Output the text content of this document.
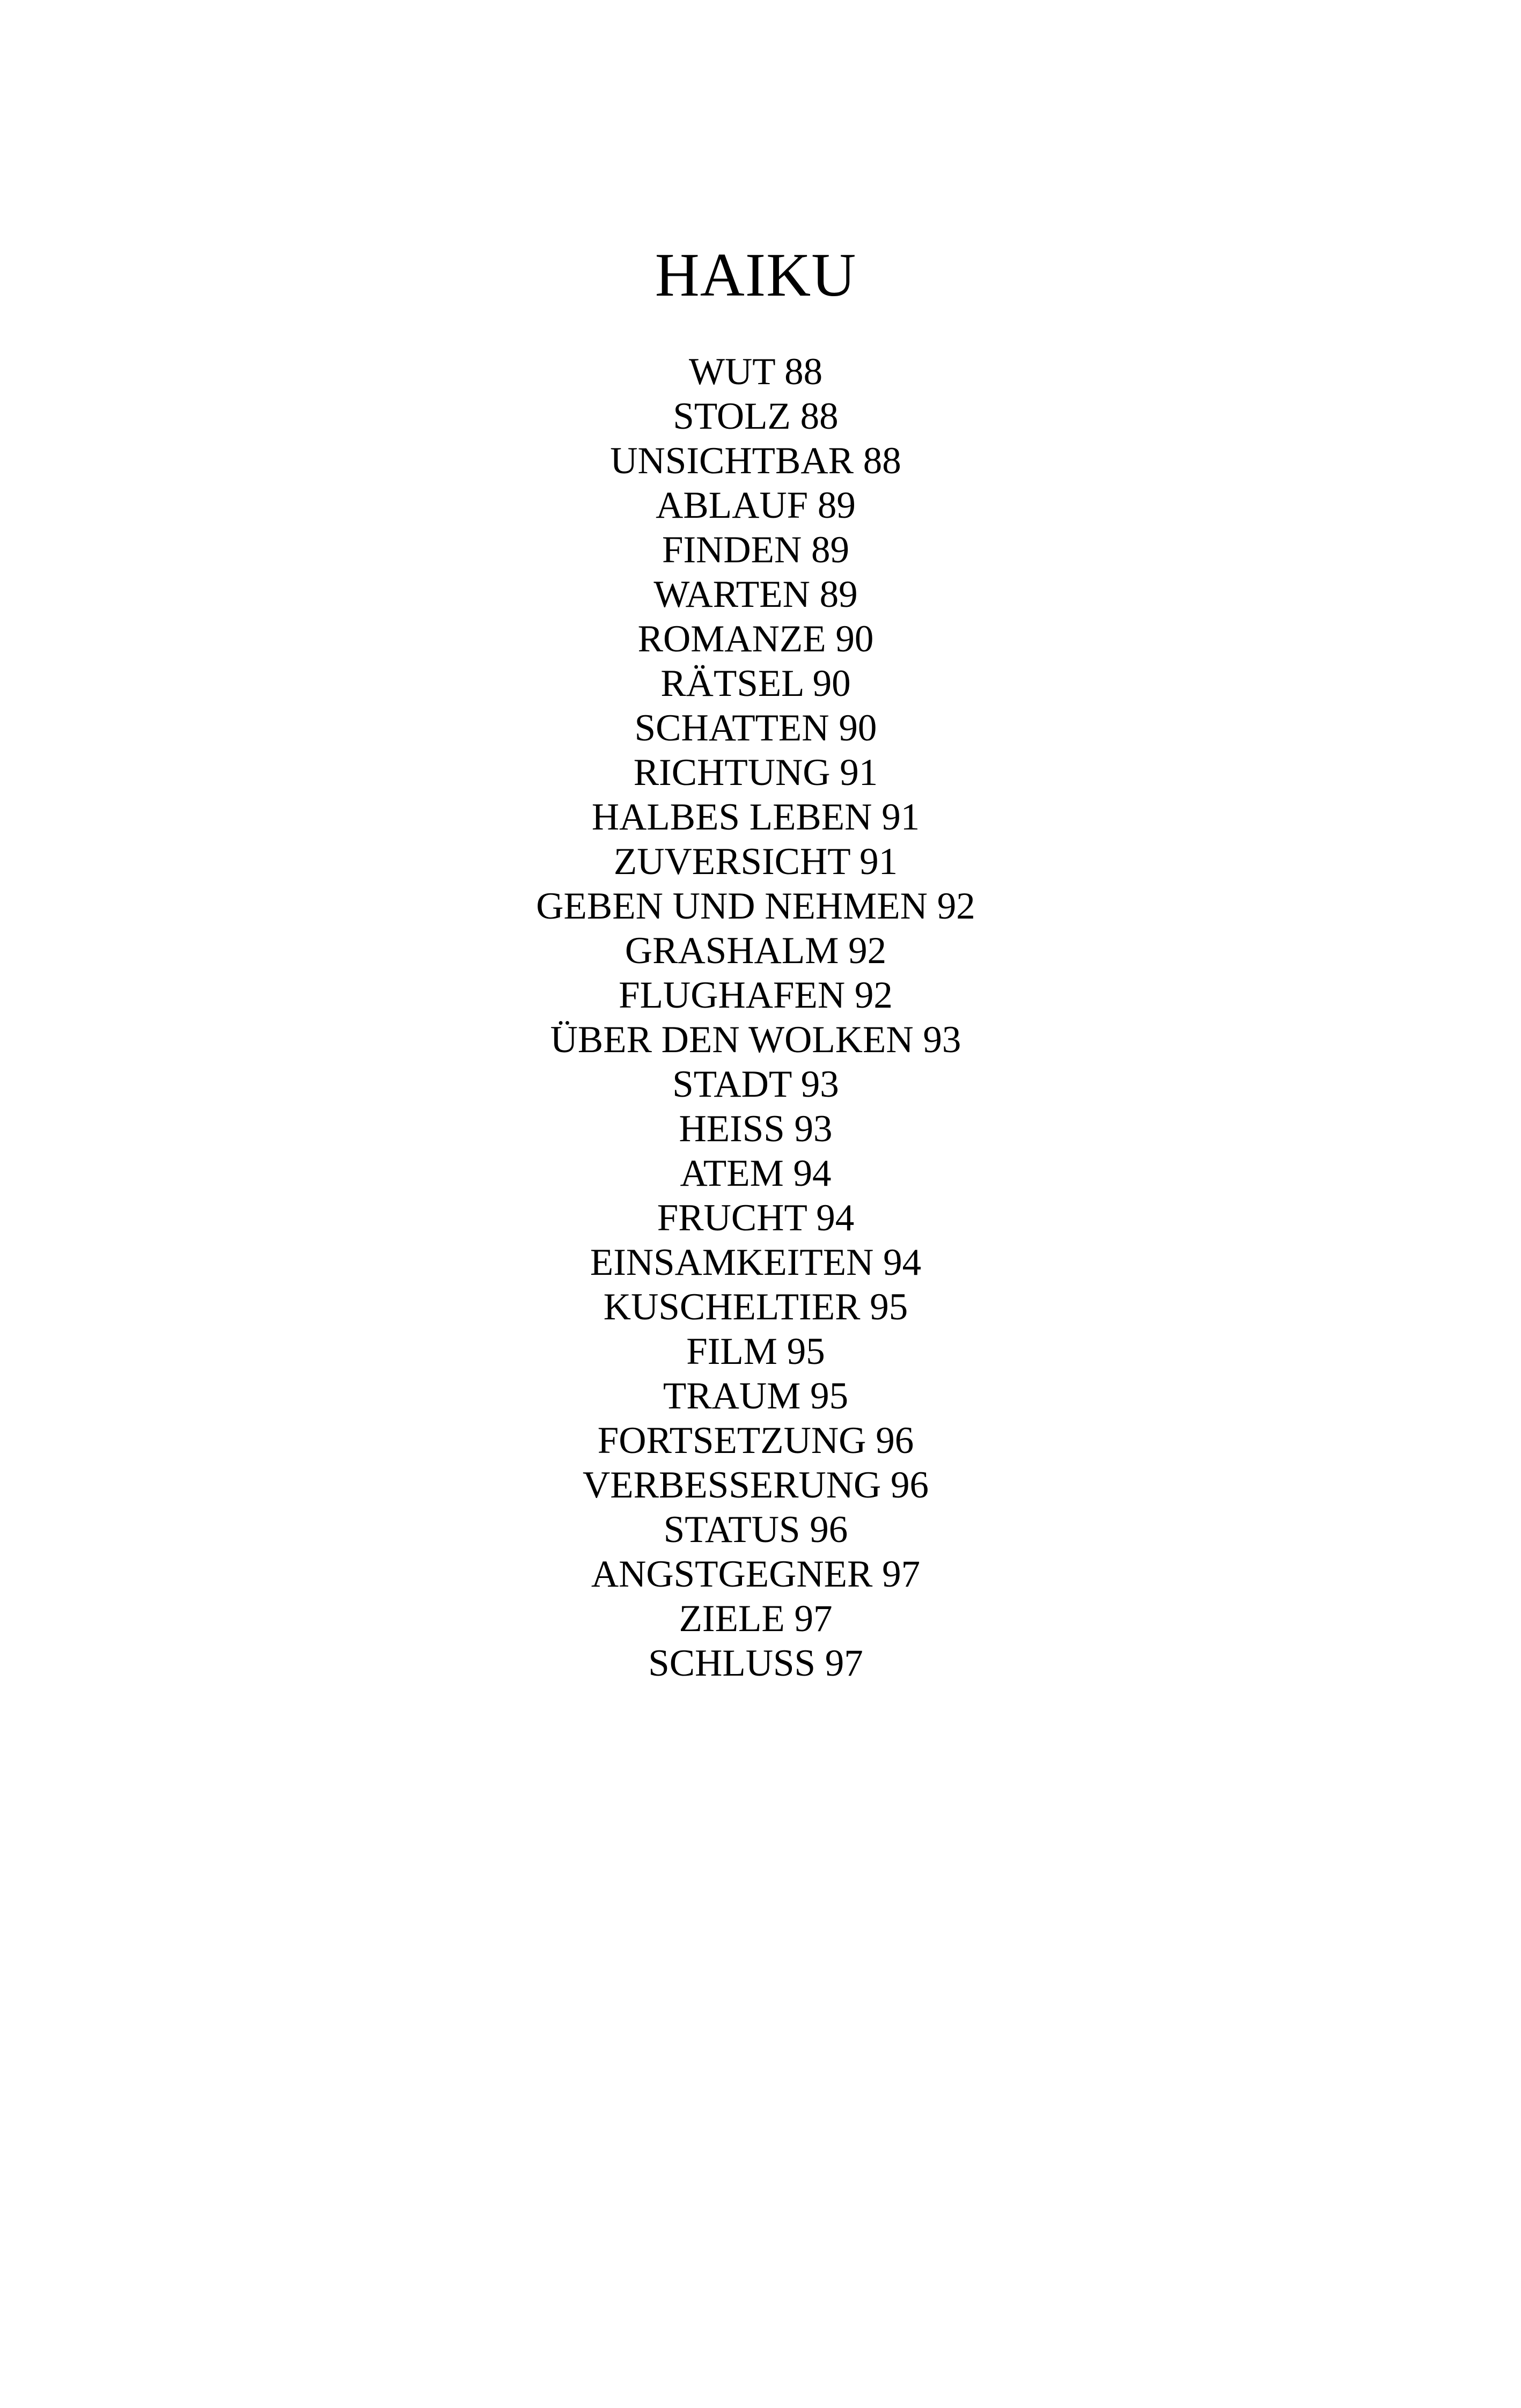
HAIKU
WUT 88
STOLZ 88
UNSICHTBAR 88
ABLAUF 89
FINDEN 89
WARTEN 89
ROMANZE 90
RÄTSEL 90
SCHATTEN 90
RICHTUNG 91
HALBES LEBEN 91
ZUVERSICHT 91
GEBEN UND NEHMEN 92
GRASHALM 92
FLUGHAFEN 92
ÜBER DEN WOLKEN 93
STADT 93
HEISS 93
ATEM 94
FRUCHT 94
EINSAMKEITEN 94
KUSCHELTIER 95
FILM 95
TRAUM 95
FORTSETZUNG 96
VERBESSERUNG 96
STATUS 96
ANGSTGEGNER 97
ZIELE 97
SCHLUSS 97
